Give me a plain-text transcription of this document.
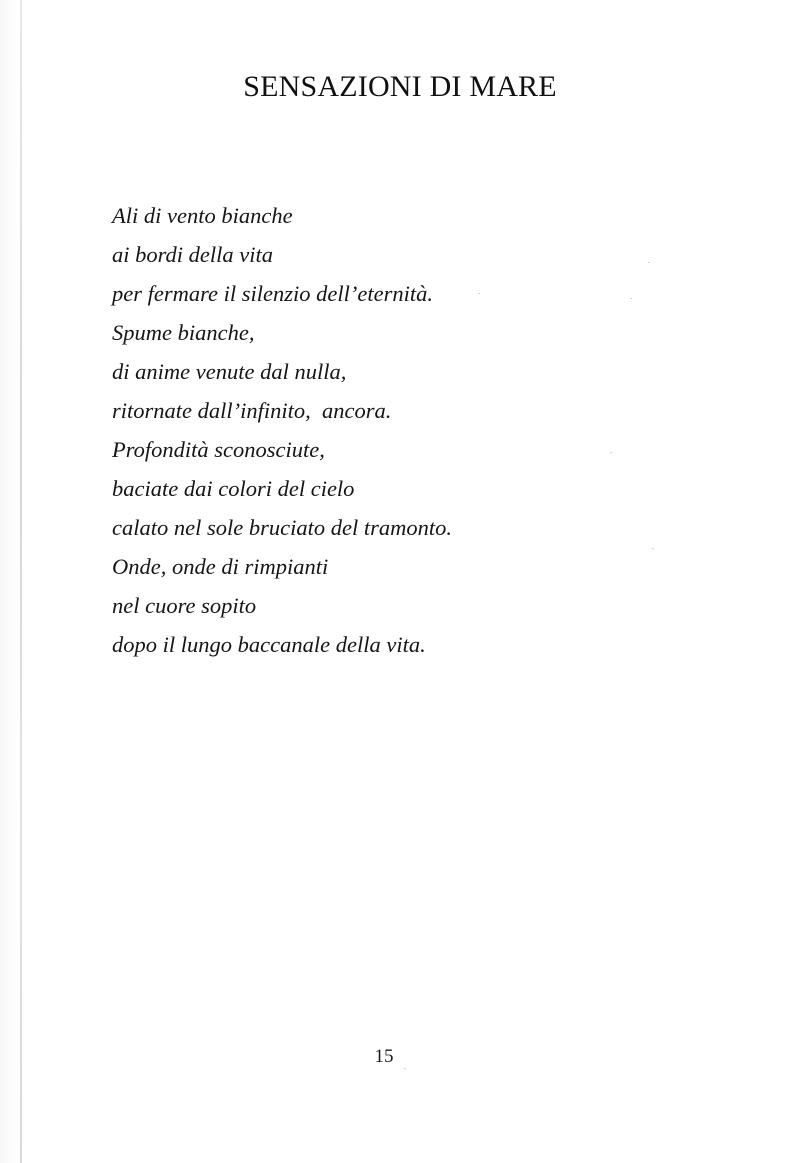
SENSAZIONI DI MARE
Ali di vento bianche
ai bordi della vita
per fermare il silenzio dell’eternità.
Spume bianche,
di anime venute dal nulla,
ritornate dall’infinito,  ancora.
Profondità sconosciute,
baciate dai colori del cielo
calato nel sole bruciato del tramonto.
Onde, onde di rimpianti
nel cuore sopito
dopo il lungo baccanale della vita.
15
